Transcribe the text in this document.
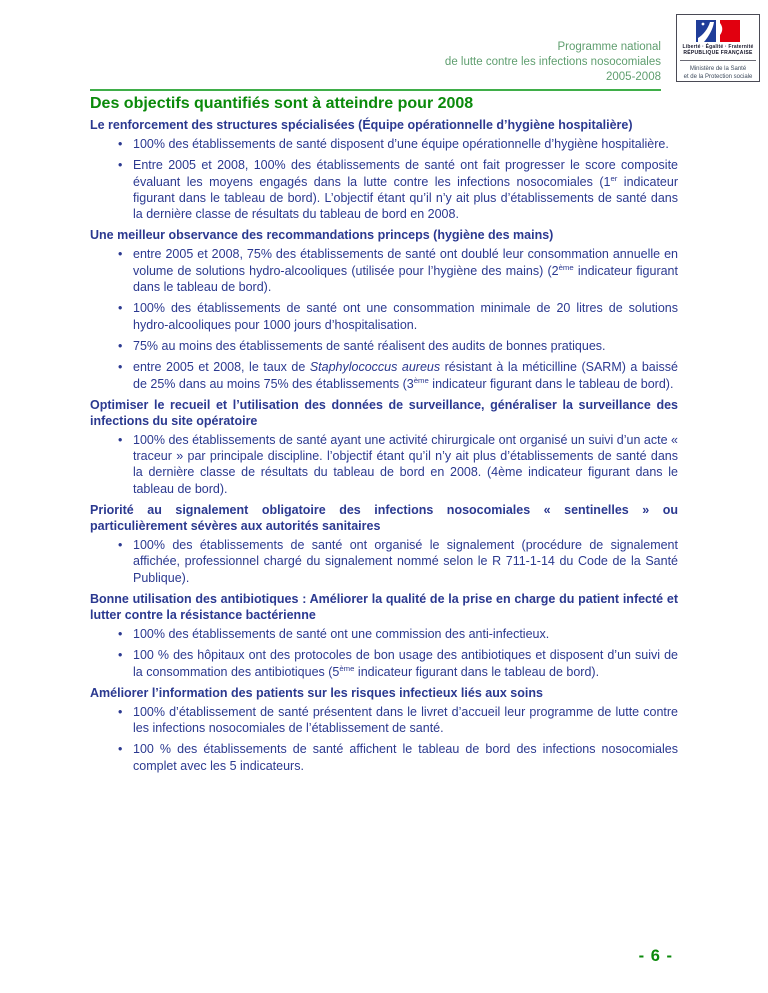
Liberté · Égalité · Fraternité
RÉPUBLIQUE FRANÇAISE
Ministère de la Santé
et de la Protection sociale
Programme national
de lutte contre les infections nosocomiales
2005-2008
Des objectifs quantifiés sont à atteindre pour 2008
Le renforcement des structures spécialisées (Équipe opérationnelle d’hygiène hospitalière)
• 100% des établissements de santé disposent d’une équipe opérationnelle d’hygiène hospitalière.
• Entre 2005 et 2008, 100% des établissements de santé ont fait progresser le score composite évaluant les moyens engagés dans la lutte contre les infections nosocomiales (1er indicateur figurant dans le tableau de bord). L’objectif étant qu’il n’y ait plus d’établissements de santé dans la dernière classe de résultats du tableau de bord en 2008.
Une meilleur observance des recommandations princeps (hygiène des mains)
• entre 2005 et 2008, 75% des établissements de santé ont doublé leur consommation annuelle en volume de solutions hydro-alcooliques (utilisée pour l’hygiène des mains) (2ème indicateur figurant dans le tableau de bord).
• 100% des établissements de santé ont une consommation minimale de 20 litres de solutions hydro-alcooliques pour 1000 jours d’hospitalisation.
• 75% au moins des établissements de santé réalisent des audits de bonnes pratiques.
• entre 2005 et 2008, le taux de Staphylococcus aureus résistant à la méticilline (SARM) a baissé de 25% dans au moins 75% des établissements (3ème indicateur figurant dans le tableau de bord).
Optimiser le recueil et l’utilisation des données de surveillance, généraliser la surveillance des infections du site opératoire
• 100% des établissements de santé ayant une activité chirurgicale ont organisé un suivi d’un acte « traceur » par principale discipline. l’objectif étant qu’il n’y ait plus d’établissements de santé dans la dernière classe de résultats du tableau de bord en 2008. (4ème indicateur figurant dans le tableau de bord).
Priorité au signalement obligatoire des infections nosocomiales « sentinelles » ou particulièrement sévères aux autorités sanitaires
• 100% des établissements de santé ont organisé le signalement (procédure de signalement affichée, professionnel chargé du signalement nommé selon le R 711-1-14 du Code de la Santé Publique).
Bonne utilisation des antibiotiques : Améliorer la qualité de la prise en charge du patient infecté et lutter contre la résistance bactérienne
• 100% des établissements de santé ont une commission des anti-infectieux.
• 100 % des hôpitaux ont des protocoles de bon usage des antibiotiques et disposent d’un suivi de la consommation des antibiotiques (5ème indicateur figurant dans le tableau de bord).
Améliorer l’information des patients sur les risques infectieux liés aux soins
• 100% d’établissement de santé présentent dans le livret d’accueil leur programme de lutte contre les infections nosocomiales de l’établissement de santé.
• 100 % des établissements de santé affichent le tableau de bord des infections nosocomiales complet avec les 5 indicateurs.
- 6 -
